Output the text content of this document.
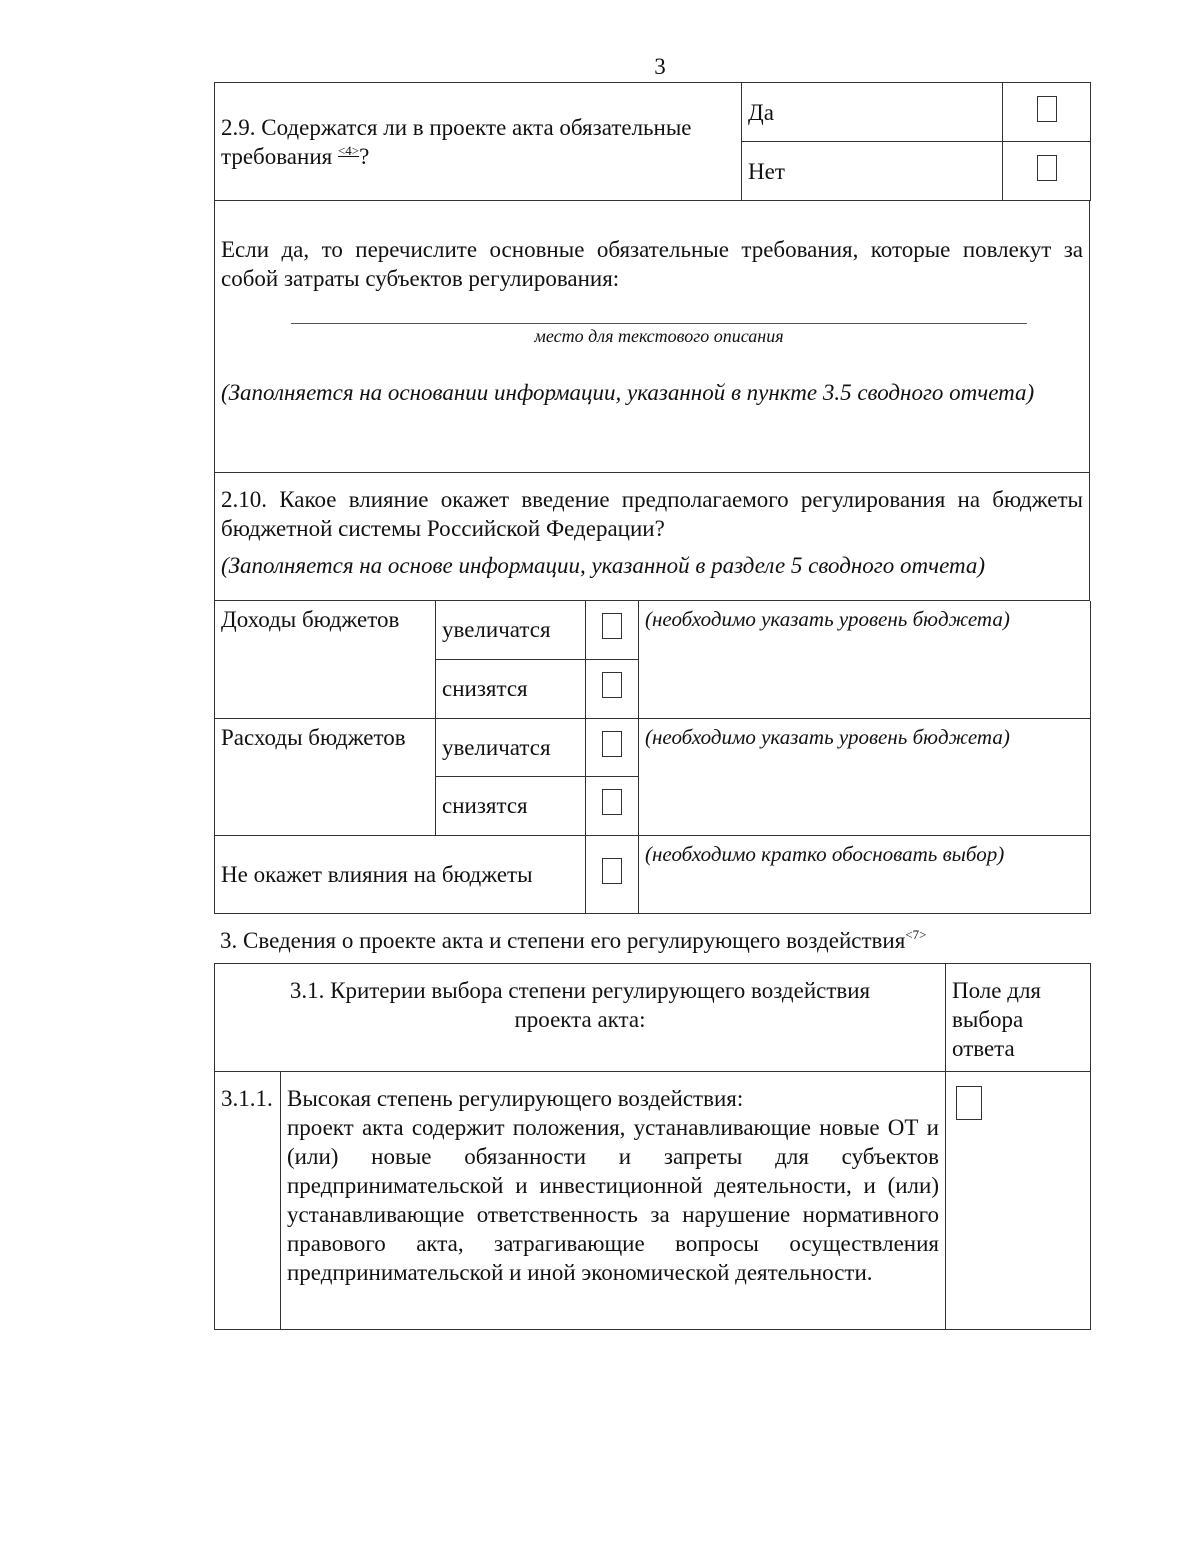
3
2.9. Содержатся ли в проекте акта обязательные требования $^{<4>}$?	Да	
	Нет	
Если да, то перечислите основные обязательные требования, которые повлекут за собой затраты субъектов регулирования:
место для текстового описания
(Заполняется на основании информации, указанной в пункте 3.5 сводного отчета)
2.10. Какое влияние окажет введение предполагаемого регулирования на бюджеты бюджетной системы Российской Федерации?
(Заполняется на основе информации, указанной в разделе 5 сводного отчета)
Доходы бюджетов	увеличатся		(необходимо указать уровень бюджета)

	снизятся		
Расходы бюджетов	увеличатся		(необходимо указать уровень бюджета)

	снизятся		
Не окажет влияния на бюджеты			(необходимо кратко обосновать выбор)
3. Сведения о проекте акта и степени его регулирующего воздействия$^{<7>}$
3.1. Критерии выбора степени регулирующего воздействия проекта акта:		Поле для выбора ответа
3.1.1.	Высокая степень регулирующего воздействия:
проект акта содержит положения, устанавливающие новые ОТ и (или) новые обязанности и запреты для субъектов предпринимательской и инвестиционной деятельности, и (или) устанавливающие ответственность за нарушение нормативного правового акта, затрагивающие вопросы осуществления предпринимательской и иной экономической деятельности.	
